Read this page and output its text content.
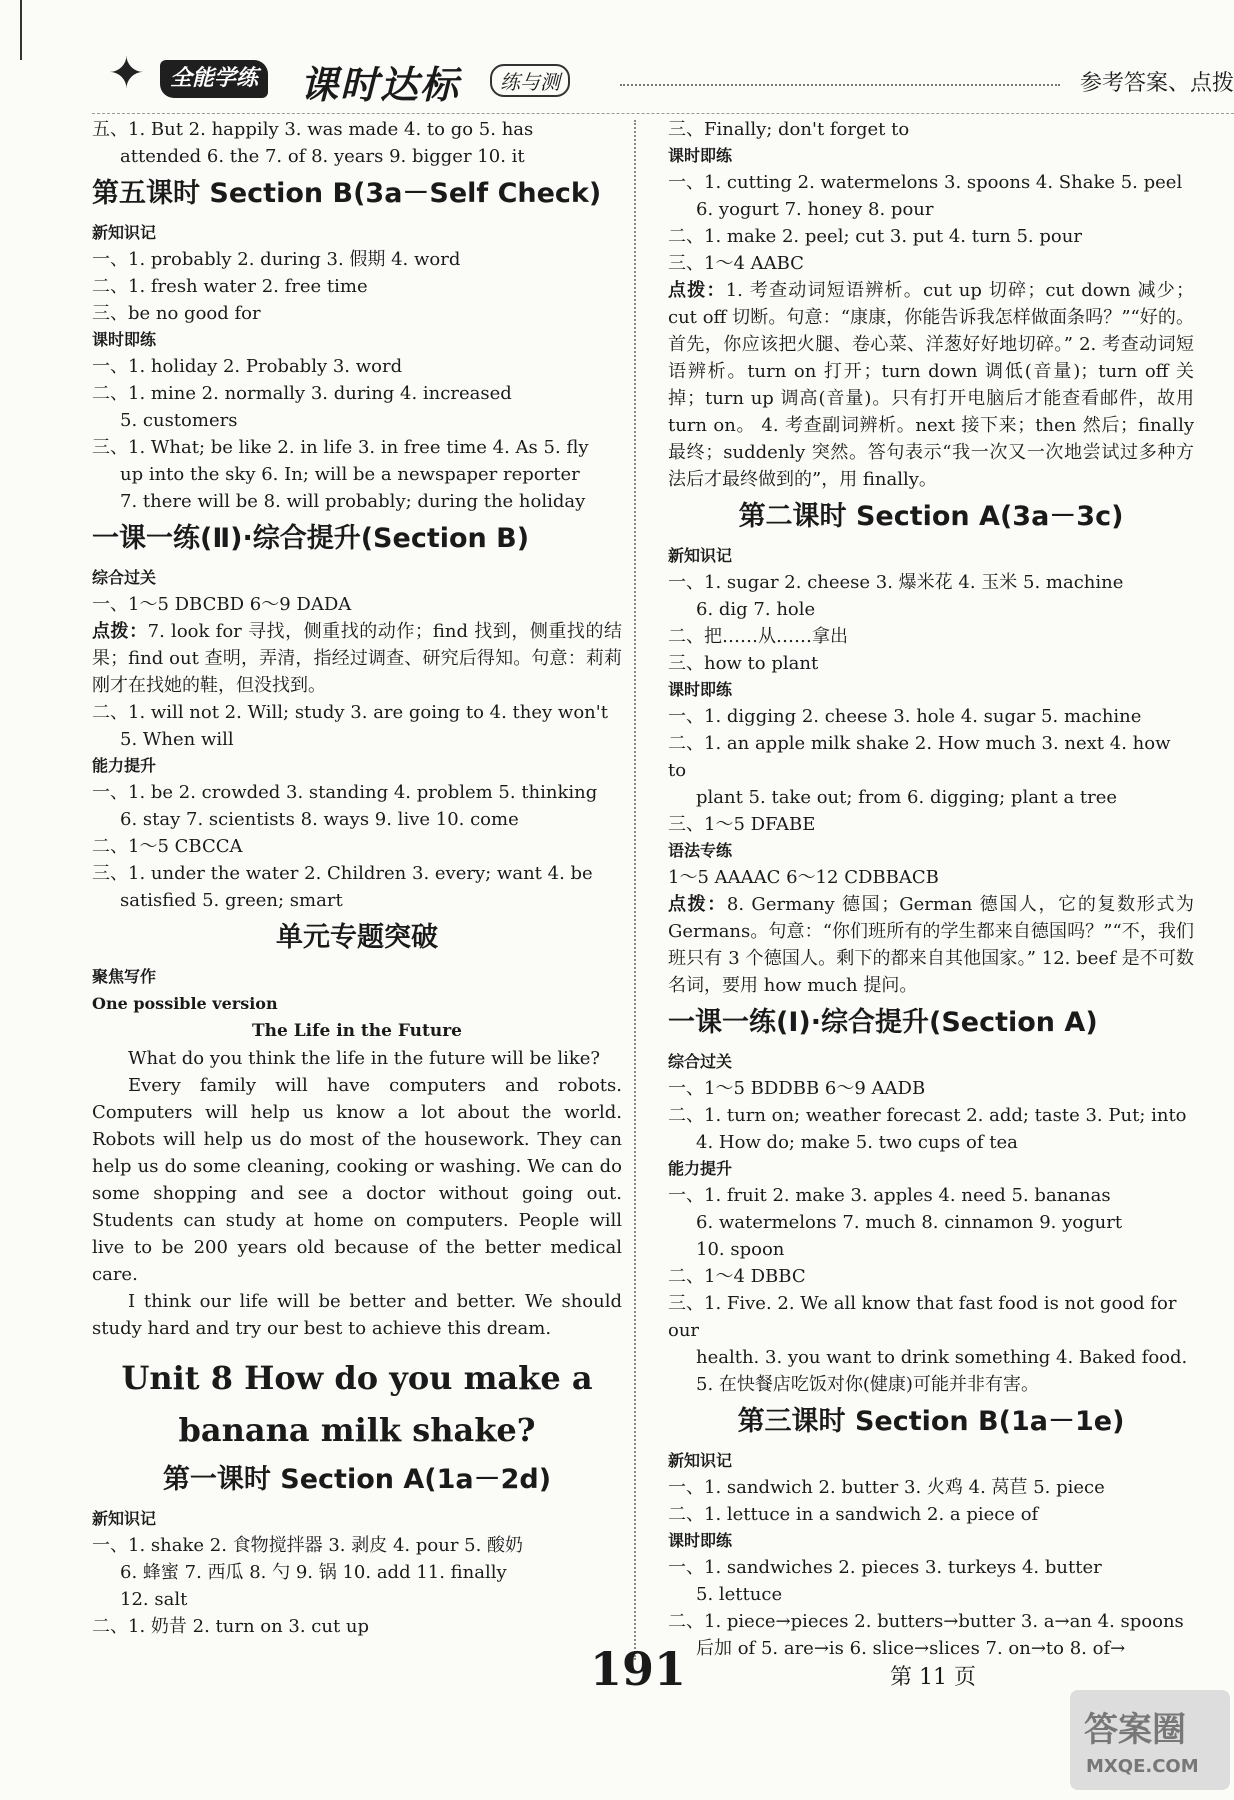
✦	全能学练 课时达标	练与测	参考答案、点拨
五、1. But 2. happily 3. was made 4. to go 5. has
attended 6. the 7. of 8. years 9. bigger 10. it
第五课时 Section B(3a－Self Check)
新知识记
一、1. probably 2. during 3. 假期 4. word
二、1. fresh water 2. free time
三、be no good for
课时即练
一、1. holiday 2. Probably 3. word
二、1. mine 2. normally 3. during 4. increased
5. customers
三、1. What; be like 2. in life 3. in free time 4. As 5. fly
up into the sky 6. In; will be a newspaper reporter
7. there will be 8. will probably; during the holiday
一课一练(Ⅱ)·综合提升(Section B)
综合过关
一、1～5 DBCBD 6～9 DADA

点拨：7. look for 寻找，侧重找的动作；find 找到，侧重找的结果；find out 查明，弄清，指经过调查、研究后得知。句意：莉莉刚才在找她的鞋，但没找到。

二、1. will not 2. Will; study 3. are going to 4. they won't
5. When will
能力提升
一、1. be 2. crowded 3. standing 4. problem 5. thinking
6. stay 7. scientists 8. ways 9. live 10. come
二、1～5 CBCCA
三、1. under the water 2. Children 3. every; want 4. be
satisfied 5. green; smart
单元专题突破
聚焦写作
One possible version
The Life in the Future
What do you think the life in the future will be like?
Every family will have computers and robots. Computers will help us know a lot about the world. Robots will help us do most of the housework. They can help us do some cleaning, cooking or washing. We can do some shopping and see a doctor without going out. Students can study at home on computers. People will live to be 200 years old because of the better medical care.
I think our life will be better and better. We should study hard and try our best to achieve this dream.
Unit 8 How do you make a
banana milk shake?
第一课时 Section A(1a－2d)
新知识记
一、1. shake 2. 食物搅拌器 3. 剥皮 4. pour 5. 酸奶
6. 蜂蜜 7. 西瓜 8. 勺 9. 锅 10. add 11. finally
12. salt
二、1. 奶昔 2. turn on 3. cut up
三、Finally; don't forget to
课时即练
一、1. cutting 2. watermelons 3. spoons 4. Shake 5. peel
6. yogurt 7. honey 8. pour
二、1. make 2. peel; cut 3. put 4. turn 5. pour
三、1～4 AABC

点拨：1. 考查动词短语辨析。cut up 切碎；cut down 减少；cut off 切断。句意：“康康，你能告诉我怎样做面条吗？”“好的。首先，你应该把火腿、卷心菜、洋葱好好地切碎。” 2. 考查动词短语辨析。turn on 打开；turn down 调低(音量)；turn off 关掉；turn up 调高(音量)。只有打开电脑后才能查看邮件，故用 turn on。 4. 考查副词辨析。next 接下来；then 然后；finally 最终；suddenly 突然。答句表示“我一次又一次地尝试过多种方法后才最终做到的”，用 finally。

第二课时 Section A(3a－3c)
新知识记
一、1. sugar 2. cheese 3. 爆米花 4. 玉米 5. machine
6. dig 7. hole
二、把……从……拿出
三、how to plant
课时即练
一、1. digging 2. cheese 3. hole 4. sugar 5. machine
二、1. an apple milk shake 2. How much 3. next 4. how to
plant 5. take out; from 6. digging; plant a tree
三、1～5 DFABE
语法专练
1～5 AAAAC 6～12 CDBBACB

点拨：8. Germany 德国；German 德国人，它的复数形式为 Germans。句意：“你们班所有的学生都来自德国吗？”“不，我们班只有 3 个德国人。剩下的都来自其他国家。” 12. beef 是不可数名词，要用 how much 提问。

一课一练(Ⅰ)·综合提升(Section A)
综合过关
一、1～5 BDDBB 6～9 AADB
二、1. turn on; weather forecast 2. add; taste 3. Put; into
4. How do; make 5. two cups of tea
能力提升
一、1. fruit 2. make 3. apples 4. need 5. bananas
6. watermelons 7. much 8. cinnamon 9. yogurt
10. spoon
二、1～4 DBBC
三、1. Five. 2. We all know that fast food is not good for our
health. 3. you want to drink something 4. Baked food.
5. 在快餐店吃饭对你(健康)可能并非有害。
第三课时 Section B(1a－1e)
新知识记
一、1. sandwich 2. butter 3. 火鸡 4. 莴苣 5. piece
二、1. lettuce in a sandwich 2. a piece of
课时即练
一、1. sandwiches 2. pieces 3. turkeys 4. butter
5. lettuce
二、1. piece→pieces 2. butters→butter 3. a→an 4. spoons
后加 of 5. are→is 6. slice→slices 7. on→to 8. of→
191	第 11 页
答案圈
MXQE.COM
